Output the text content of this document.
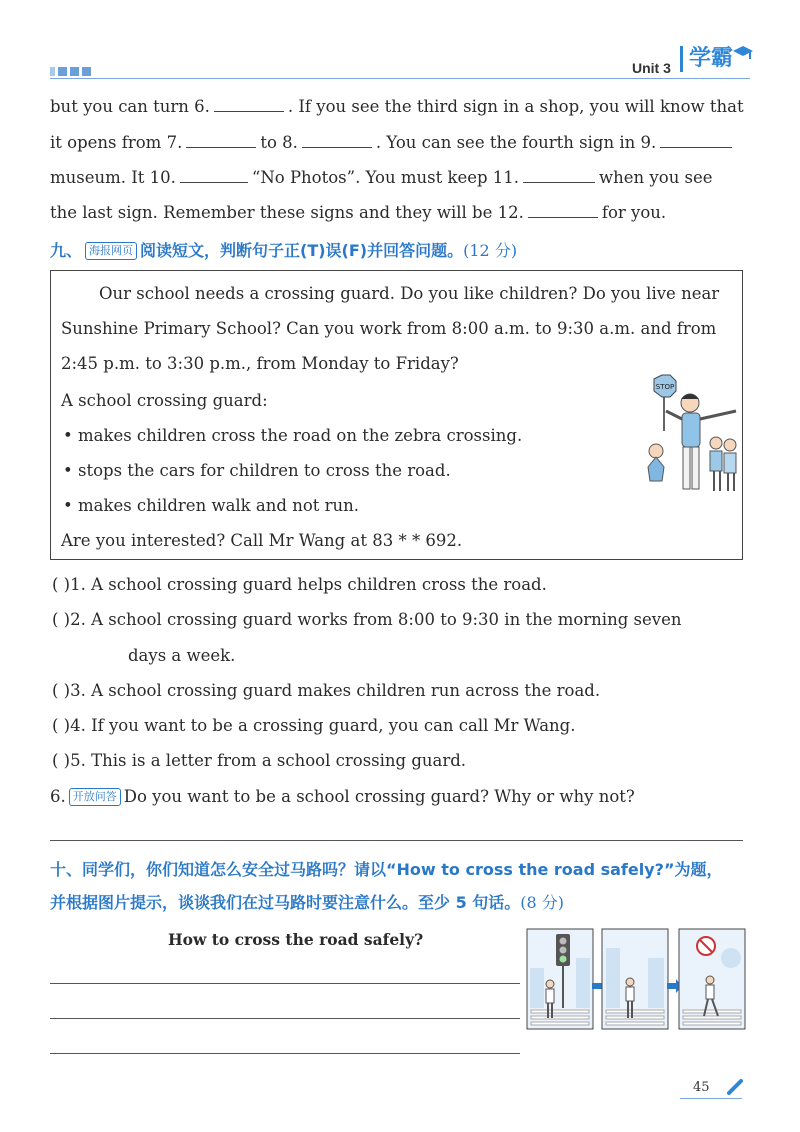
Unit 3 学霸
but you can turn 6.	. If you see the third sign in a shop, you will know that
it opens from 7.	to 8.	. You can see the fourth sign in 9.
museum. It 10.	“No Photos”. You must keep 11.	when you see
the last sign. Remember these signs and they will be 12.	for you.
九、 海报网页 阅读短文，判断句子正(T)误(F)并回答问题。(12 分)
Our school needs a crossing guard. Do you like children? Do you live near
Sunshine Primary School? Can you work from 8:00 a.m. to 9:30 a.m. and from
2:45 p.m. to 3:30 p.m., from Monday to Friday?
A school crossing guard:
• makes children cross the road on the zebra crossing.
• stops the cars for children to cross the road.
• makes children walk and not run.
Are you interested? Call Mr Wang at 83 * * 692.
STOP
( )1. A school crossing guard helps children cross the road.
( )2. A school crossing guard works from 8:00 to 9:30 in the morning seven
days a week.
( )3. A school crossing guard makes children run across the road.
( )4. If you want to be a crossing guard, you can call Mr Wang.
( )5. This is a letter from a school crossing guard.
6. 开放问答 Do you want to be a school crossing guard? Why or why not?
十、同学们，你们知道怎么安全过马路吗？请以“How to cross the road safely?”为题，
并根据图片提示，谈谈我们在过马路时要注意什么。至少 5 句话。(8 分)
How to cross the road safely?
45
